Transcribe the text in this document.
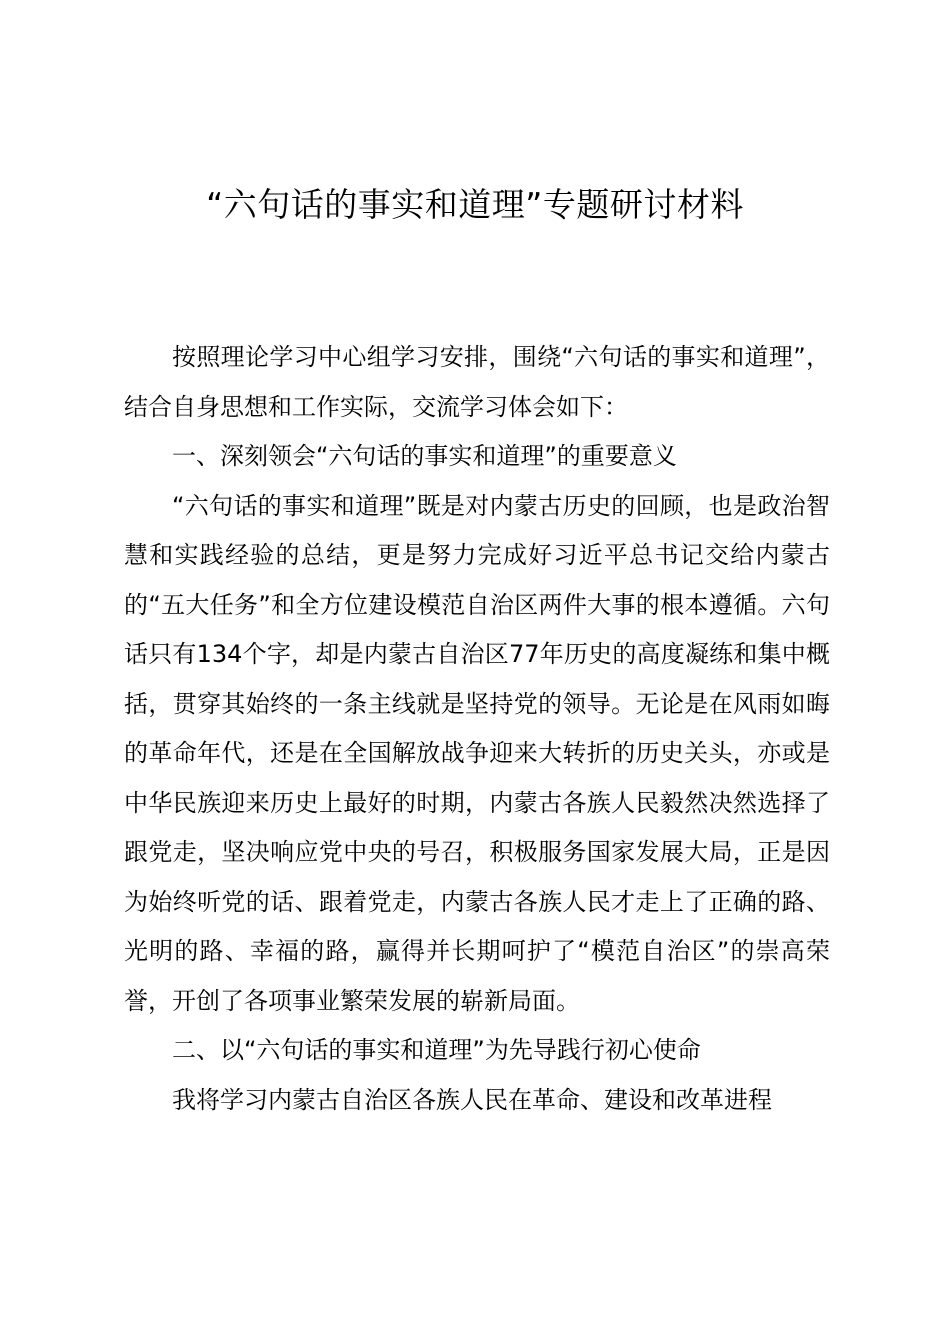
“六句话的事实和道理”专题研讨材料

按照理论学习中心组学习安排，围绕“六句话的事实和道理”，结合自身思想和工作实际，交流学习体会如下：

一、深刻领会“六句话的事实和道理”的重要意义

“六句话的事实和道理”既是对内蒙古历史的回顾，也是政治智慧和实践经验的总结，更是努力完成好习近平总书记交给内蒙古的“五大任务”和全方位建设模范自治区两件大事的根本遵循。六句话只有134个字，却是内蒙古自治区77年历史的高度凝练和集中概括，贯穿其始终的一条主线就是坚持党的领导。无论是在风雨如晦的革命年代，还是在全国解放战争迎来大转折的历史关头，亦或是中华民族迎来历史上最好的时期，内蒙古各族人民毅然决然选择了跟党走，坚决响应党中央的号召，积极服务国家发展大局，正是因为始终听党的话、跟着党走，内蒙古各族人民才走上了正确的路、光明的路、幸福的路，赢得并长期呵护了“模范自治区”的崇高荣誉，开创了各项事业繁荣发展的崭新局面。

二、以“六句话的事实和道理”为先导践行初心使命

我将学习内蒙古自治区各族人民在革命、建设和改革进程
